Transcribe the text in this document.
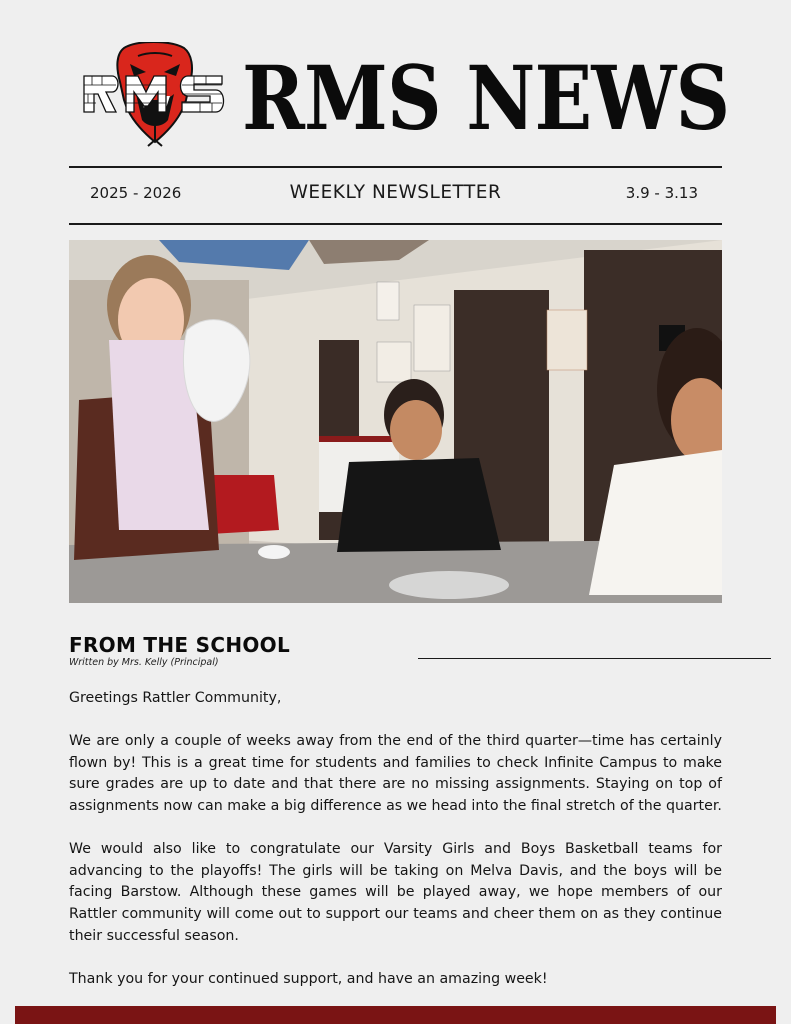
RMS NEWS
2025 - 2026	WEEKLY NEWSLETTER	3.9 - 3.13
FROM THE SCHOOL
Written by Mrs. Kelly (Principal)

Greetings Rattler Community,

We are only a couple of weeks away from the end of the third quarter—time has certainly flown by! This is a great time for students and families to check Infinite Campus to make sure grades are up to date and that there are no missing assignments. Staying on top of assignments now can make a big difference as we head into the final stretch of the quarter.

We would also like to congratulate our Varsity Girls and Boys Basketball teams for advancing to the playoffs! The girls will be taking on Melva Davis, and the boys will be facing Barstow. Although these games will be played away, we hope members of our Rattler community will come out to support our teams and cheer them on as they continue their successful season.

Thank you for your continued support, and have an amazing week!
